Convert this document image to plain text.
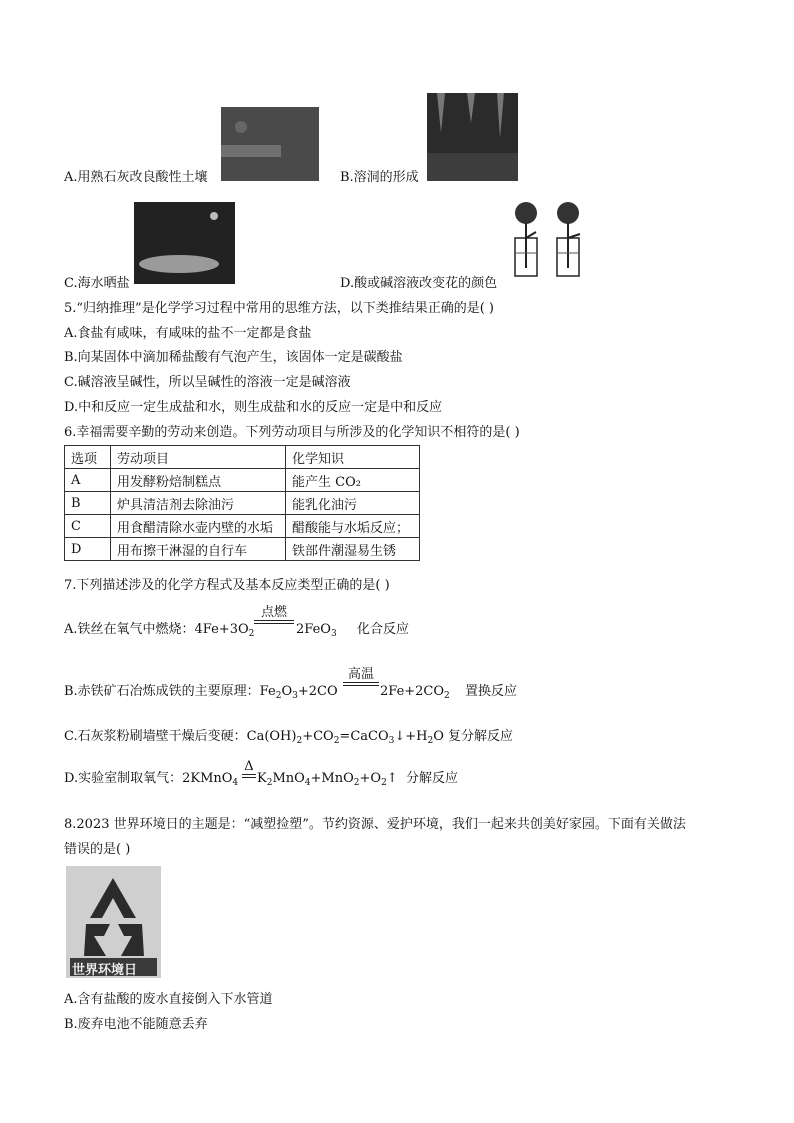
A.用熟石灰改良酸性土壤	B.溶洞的形成
C.海水晒盐	D.酸或碱溶液改变花的颜色
5.“归纳推理”是化学学习过程中常用的思维方法，以下类推结果正确的是( )
A.食盐有咸味，有咸味的盐不一定都是食盐
B.向某固体中滴加稀盐酸有气泡产生，该固体一定是碳酸盐
C.碱溶液呈碱性，所以呈碱性的溶液一定是碱溶液
D.中和反应一定生成盐和水，则生成盐和水的反应一定是中和反应
6.幸福需要辛勤的劳动来创造。下列劳动项目与所涉及的化学知识不相符的是( )
选项	劳动项目	化学知识
A	用发酵粉焙制糕点	能产生 CO₂
B	炉具清洁剂去除油污	能乳化油污
C	用食醋清除水壶内壁的水垢	醋酸能与水垢反应；
D	用布擦干淋湿的自行车	铁部件潮湿易生锈
7.下列描述涉及的化学方程式及基本反应类型正确的是( )
A.铁丝在氧气中燃烧：$4Fe+3O_2$
点燃
2FeO$_3$ 化合反应
B.赤铁矿石冶炼成铁的主要原理：$Fe_2O_3+2CO$
高温
$2Fe+2CO_2$ 置换反应
C.石灰浆粉刷墙壁干燥后变硬：$Ca(OH)_2+CO_2=CaCO_3↓+H_2O$ 复分解反应
D.实验室制取氧气：2KMnO$_4$
Δ
$K_2MnO_4+MnO_2+O_2↑$ 分解反应
8.2023 世界环境日的主题是：“减塑捡塑”。节约资源、爱护环境，我们一起来共创美好家园。下面有关做法
错误的是( )
世界环境日
A.含有盐酸的废水直接倒入下水管道
B.废弃电池不能随意丢弃
